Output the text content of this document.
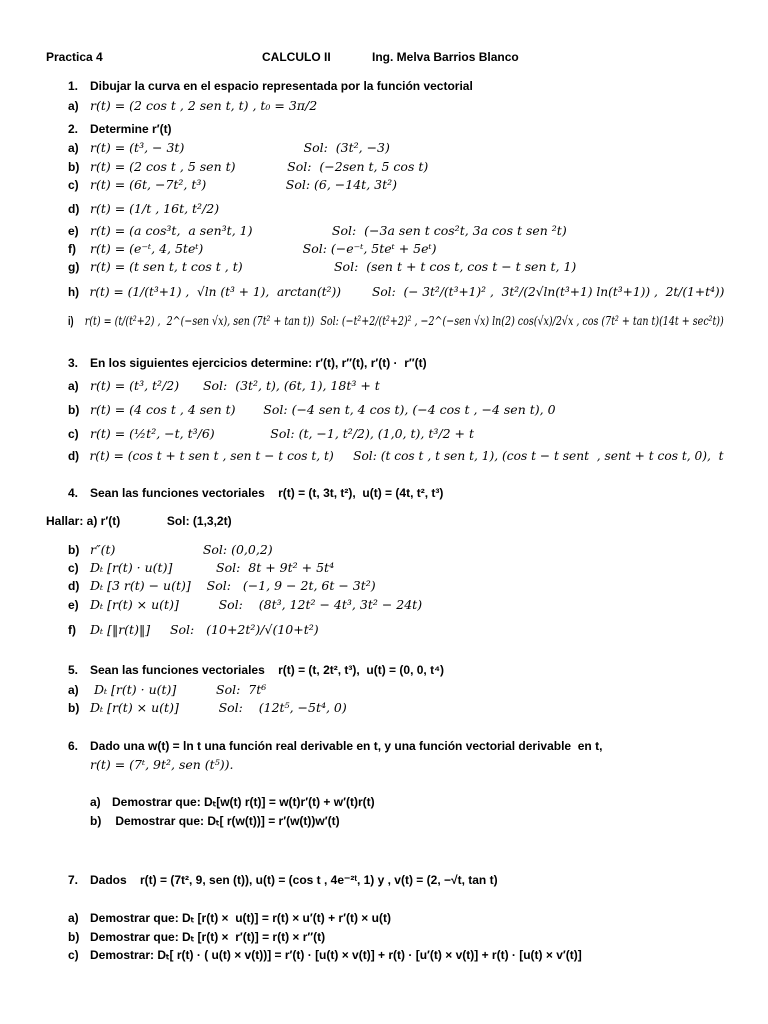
Practica 4	CALCULO II	Ing. Melva Barrios Blanco
1. Dibujar la curva en el espacio representada por la función vectorial
a) r(t) = (2 cos t , 2 sen t, t) , t₀ = 3π/2
2. Determine r′(t)
a) r(t) = (t³, − 3t)                              Sol:  (3t², −3)
b) r(t) = (2 cos t , 5 sen t)             Sol:  (−2sen t, 5 cos t)
c) r(t) = (6t, −7t², t³)                    Sol: (6, −14t, 3t²)
d) r(t) = (1/t , 16t, t²/2)
e) r(t) = (a cos³t,  a sen³t, 1)                    Sol:  (−3a sen t cos²t, 3a cos t sen ²t)
f) r(t) = (e⁻ᵗ, 4, 5teᵗ)                         Sol: (−e⁻ᵗ, 5teᵗ + 5eᵗ)
g) r(t) = (t sen t, t cos t , t)                       Sol:  (sen t + t cos t, cos t − t sen t, 1)
h) r(t) = (1/(t³+1) ,  √ln (t³ + 1),  arctan(t²))        Sol:  (− 3t²/(t³+1)² ,  3t²/(2√ln(t³+1) ln(t³+1)) ,  2t/(1+t⁴))
i) r(t) = (t/(t²+2) ,  2^(−sen √x), sen (7t² + tan t))  Sol: (−t²+2/(t²+2)² , −2^(−sen √x) ln(2) cos(√x)/2√x , cos (7t² + tan t)(14t + sec²t))
3. En los siguientes ejercicios determine: r′(t), r″(t), r′(t) ·  r″(t)
a) r(t) = (t³, t²/2)      Sol:  (3t², t), (6t, 1), 18t³ + t
b) r(t) = (4 cos t , 4 sen t)       Sol: (−4 sen t, 4 cos t), (−4 cos t , −4 sen t), 0
c) r(t) = (½t², −t, t³/6)              Sol: (t, −1, t²/2), (1,0, t), t³/2 + t
d) r(t) = (cos t + t sen t , sen t − t cos t, t)     Sol: (t cos t , t sen t, 1), (cos t − t sent  , sent + t cos t, 0),  t
4. Sean las funciones vectoriales    r(t) = (t, 3t, t²),  u(t) = (4t, t², t³)
Hallar: a) r′(t)              Sol: (1,3,2t)
b) r″(t)                      Sol: (0,0,2)
c) Dₜ [r(t) · u(t)]           Sol:  8t + 9t² + 5t⁴
d) Dₜ [3 r(t) − u(t)]    Sol:   (−1, 9 − 2t, 6t − 3t²)
e) Dₜ [r(t) × u(t)]          Sol:    (8t³, 12t² − 4t³, 3t² − 24t)
f) Dₜ [‖r(t)‖]     Sol:   (10+2t²)/√(10+t²)
5. Sean las funciones vectoriales    r(t) = (t, 2t², t³),  u(t) = (0, 0, t⁴)
a) Dₜ [r(t) · u(t)]          Sol:  7t⁶
b) Dₜ [r(t) × u(t)]          Sol:    (12t⁵, −5t⁴, 0)
6. Dado una w(t) = ln t una función real derivable en t, y una función vectorial derivable  en t,
r(t) = (7ᵗ, 9t², sen (t⁵)).
a) Demostrar que: Dₜ[w(t) r(t)] = w(t)r′(t) + w′(t)r(t)
b) Demostrar que: Dₜ[ r(w(t))] = r′(w(t))w′(t)
7. Dados    r(t) = (7t², 9, sen (t)), u(t) = (cos t , 4e⁻²ᵗ, 1) y , v(t) = (2, −√t, tan t)
a) Demostrar que: Dₜ [r(t) ×  u(t)] = r(t) × u′(t) + r′(t) × u(t)
b) Demostrar que: Dₜ [r(t) ×  r′(t)] = r(t) × r″(t)
c) Demostrar: Dₜ[ r(t) · ( u(t) × v(t))] = r′(t) · [u(t) × v(t)] + r(t) · [u′(t) × v(t)] + r(t) · [u(t) × v′(t)]
